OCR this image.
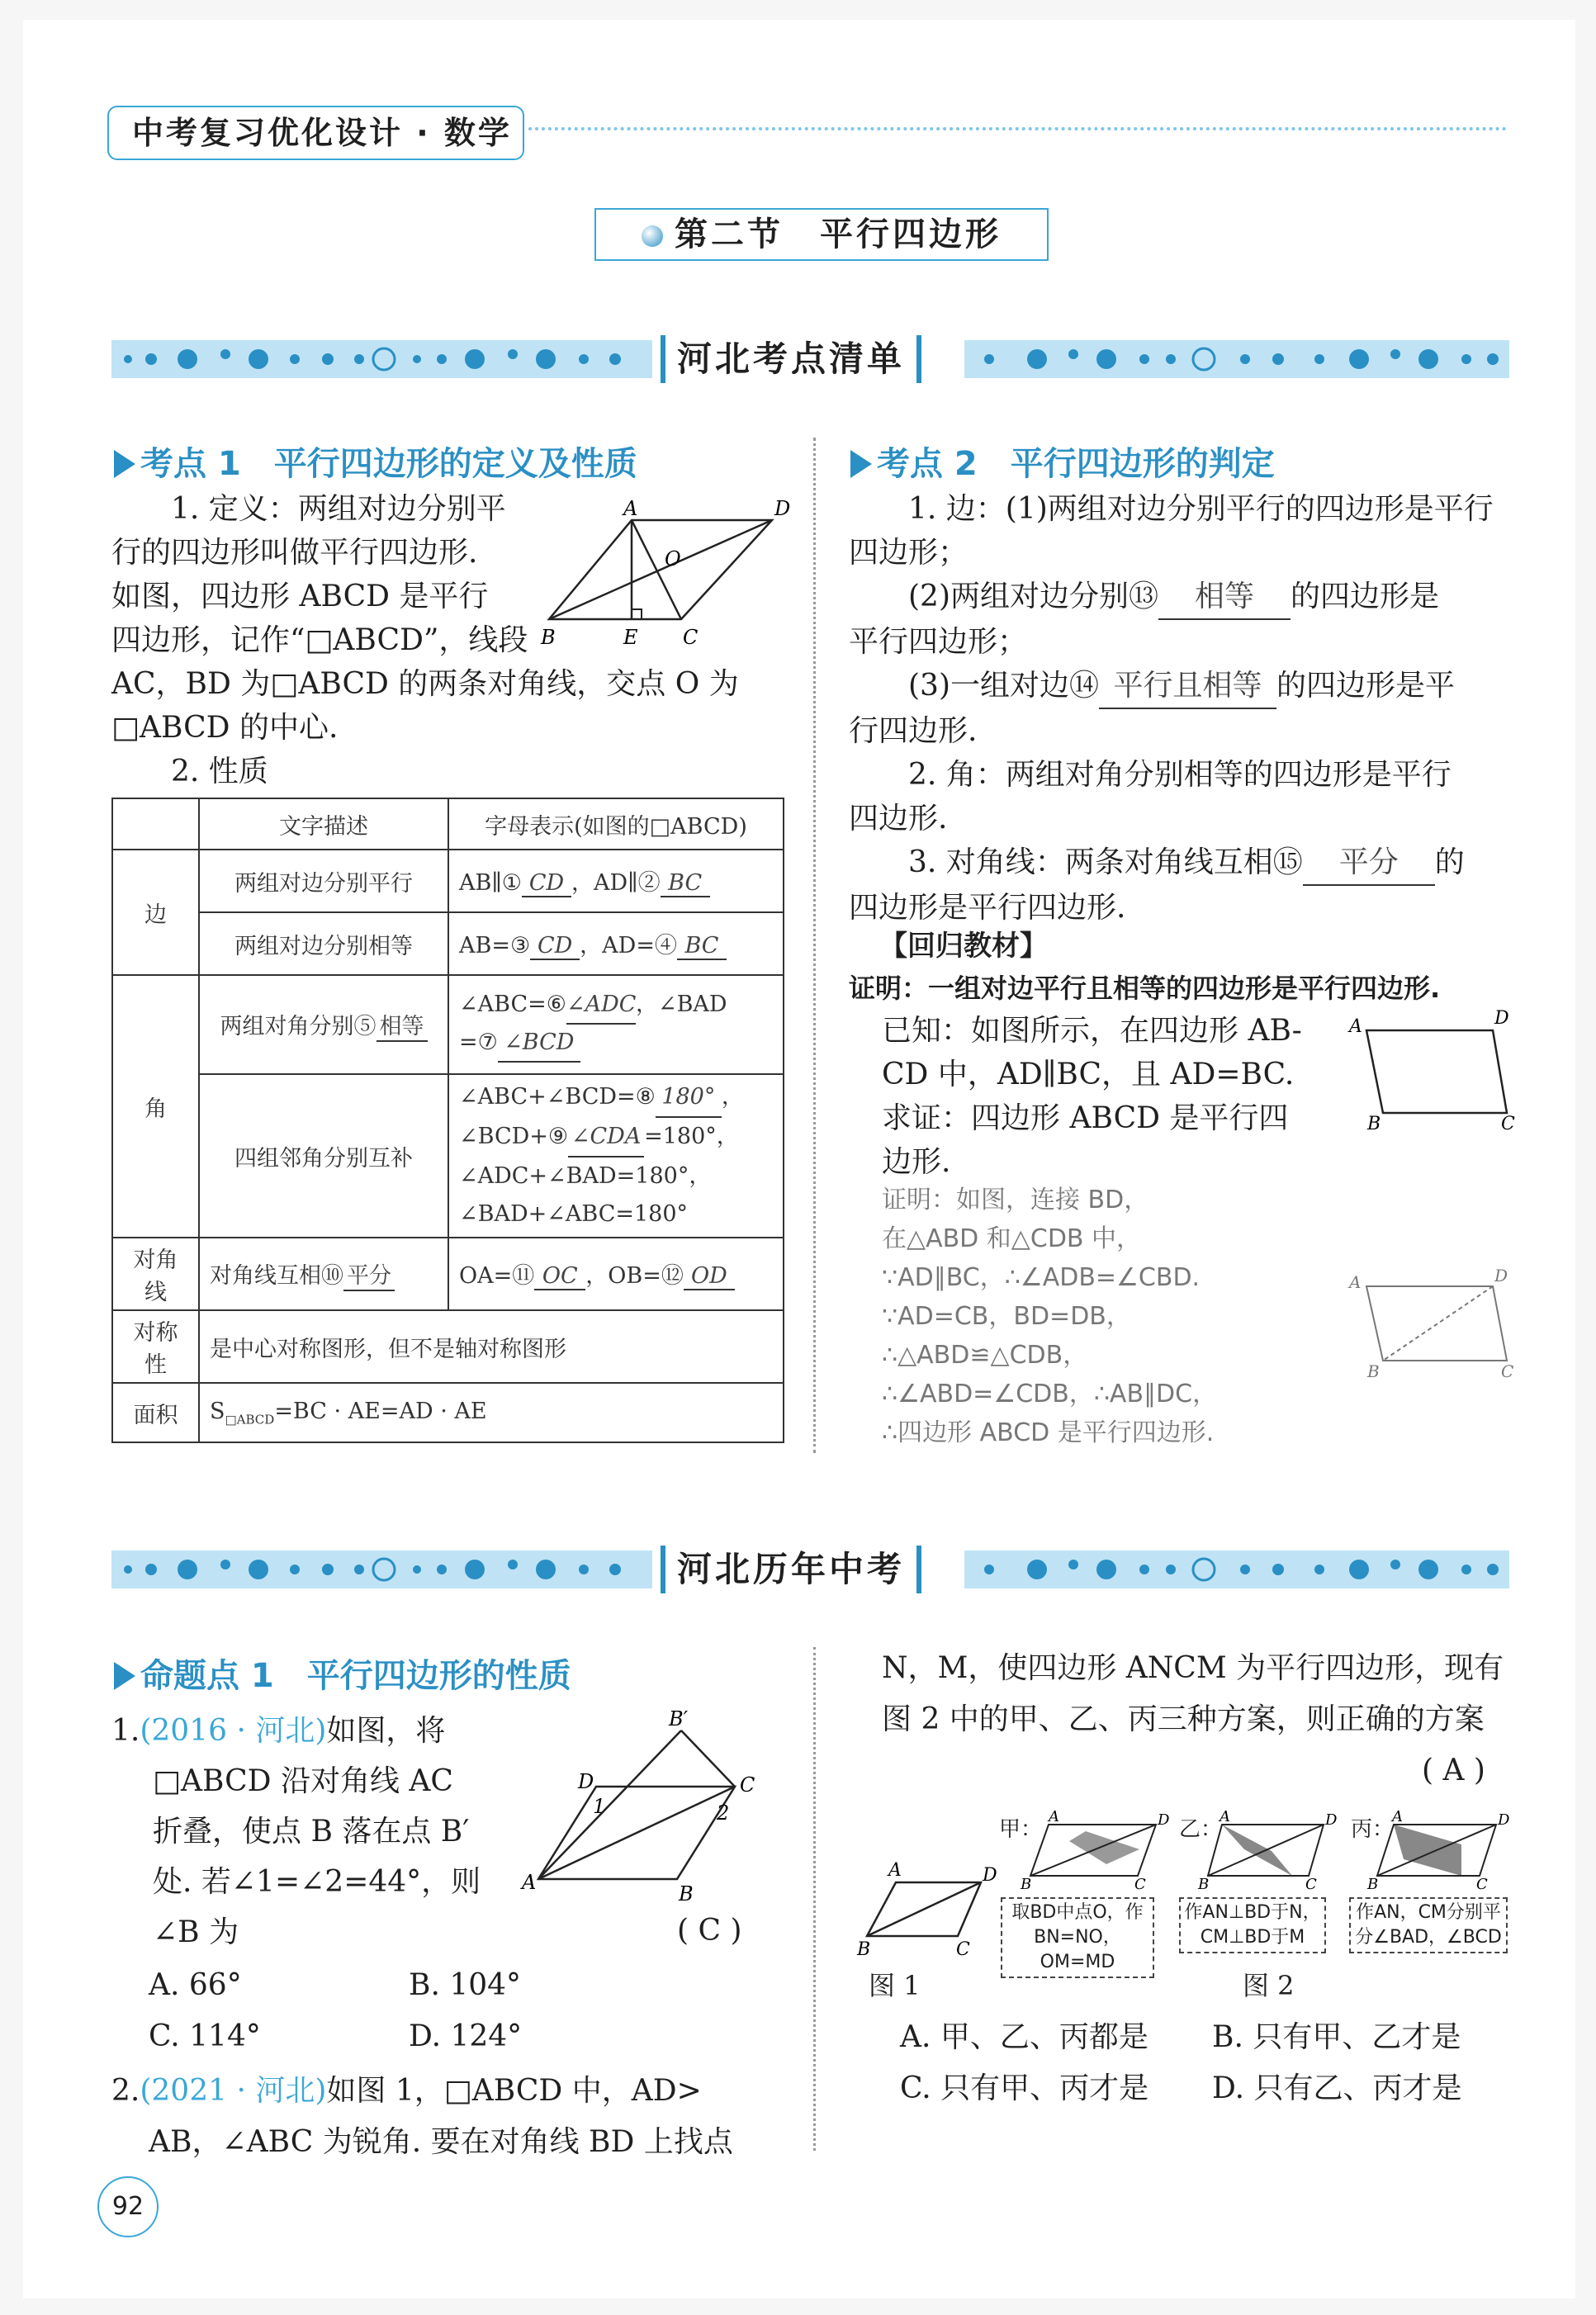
中考复习优化设计 · 数学
第二节　平行四边形
河北考点清单
考点 1　平行四边形的定义及性质

1. 定义：两组对边分别平

行的四边形叫做平行四边形.

如图，四边形 ABCD 是平行

四边形，记作“□ABCD”，线段

AC，BD 为□ABCD 的两条对角线，交点 O 为

□ABCD 的中心.

2. 性质

A	D
O
B	E C
	文字描述	字母表示(如图的□ABCD)
边	两组对边分别平行	AB∥① CD ，AD∥② BC
	两组对边分别相等	AB=③ CD ，AD=④ BC
角	两组对角分别⑤ 相等	∠ABC=⑥∠ADC，∠BAD
=⑦ ∠BCD
	四组邻角分别互补	∠ABC+∠BCD=⑧ 180° ，
∠BCD+⑨ ∠CDA =180°，
∠ADC+∠BAD=180°，
∠BAD+∠ABC=180°
对角线	对角线互相⑩ 平分	OA=⑪ OC ，OB=⑫ OD
对称性	是中心对称图形，但不是轴对称图形	
面积	$S_{□ABCD}=BC \cdot AE=AD$ · AE	
考点 2　平行四边形的判定

1. 边：(1)两组对边分别平行的四边形是平行

四边形；

(2)两组对边分别⑬ 相等 的四边形是

平行四边形；

(3)一组对边⑭ 平行且相等 的四边形是平

行四边形.

2. 角：两组对角分别相等的四边形是平行

四边形.

3. 对角线：两条对角线互相⑮ 平分 的

四边形是平行四边形.

【回归教材】
证明：一组对边平行且相等的四边形是平行四边形.

已知：如图所示，在四边形 AB-

CD 中，AD∥BC，且 AD=BC.

求证：四边形 ABCD 是平行四

边形.

A	D
B	C

证明：如图，连接 BD，

在△ABD 和△CDB 中，

∵AD∥BC，∴∠ADB=∠CBD.

∵AD=CB，BD=DB，

∴△ABD≌△CDB，

∴∠ABD=∠CDB，∴AB∥DC，

∴四边形 ABCD 是平行四边形.

A	D
B	C
河北历年中考
命题点 1　平行四边形的性质

1.(2016 · 河北)如图，将

□ABCD 沿对角线 AC

折叠，使点 B 落在点 B′

处. 若∠1=∠2=44°，则

∠B 为

B′
D
1
C
2
A	B
( C )
A. 66°	B. 104°
C. 114°	D. 124°

2.(2021 · 河北)如图 1，□ABCD 中，AD>

AB，∠ABC 为锐角. 要在对角线 BD 上找点

N，M，使四边形 ANCM 为平行四边形，现有

图 2 中的甲、乙、丙三种方案，则正确的方案

( A )
A	D
B	C
图 1
甲：
A	D
B	C
取BD中点O，作
BN=NO，OM=MD
乙：
A	D
B	C
作AN⊥BD于N，
CM⊥BD于M
丙：
A	D
B	C
作AN，CM分别平
分∠BAD，∠BCD
图 2
A. 甲、乙、丙都是 B. 只有甲、乙才是
C. 只有甲、丙才是 D. 只有乙、丙才是
92
